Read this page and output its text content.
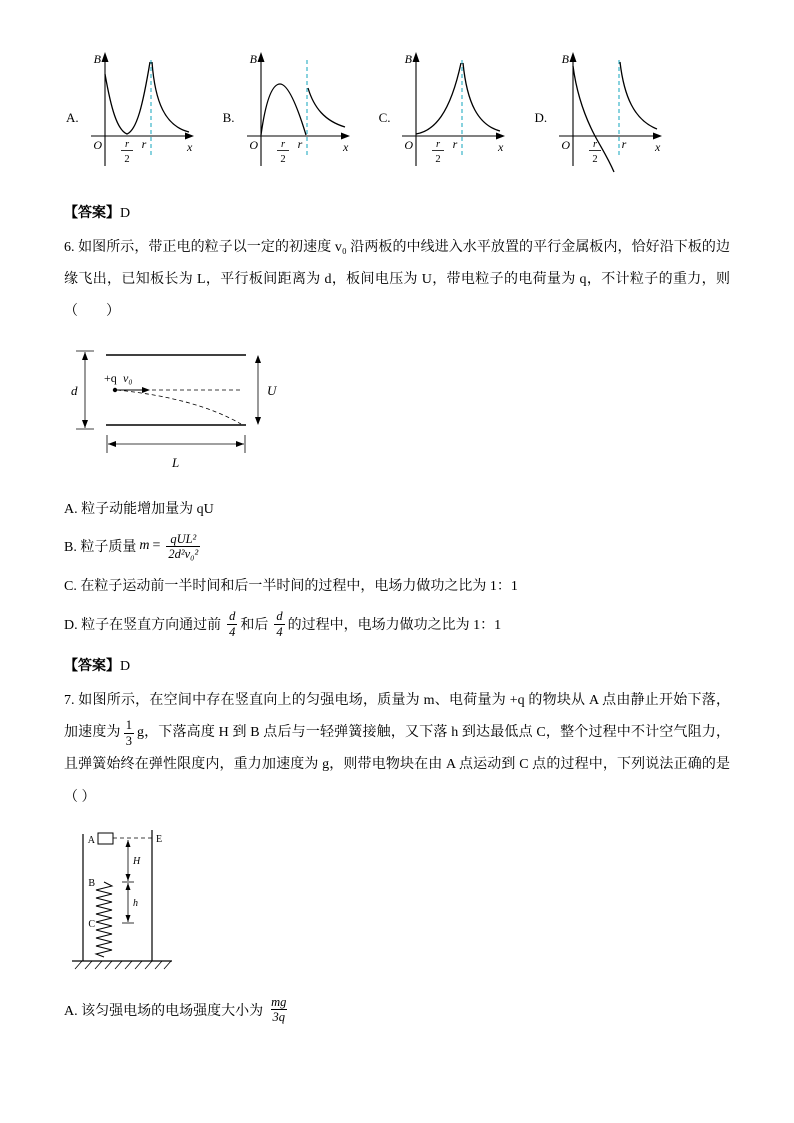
A.
B
O	x
r
2
r
B.
B
O	x
r
2
r
C.
B
O	x
r
2
r
D.
B
O	x
r
2
r
【答案】D

6. 如图所示，带正电的粒子以一定的初速度 v₀ 沿两板的中线进入水平放置的平行金属板内，恰好沿下板的边缘飞出，已知板长为 L，平行板间距离为 d，板间电压为 U，带电粒子的电荷量为 q，不计粒子的重力，则（　　）

d
+q v₀
U
L
A. 粒子动能增加量为 qU
B. 粒子质量 $m = \frac{\text{qUL²}}{\text{2d²v₀²}}$
C. 在粒子运动前一半时间和后一半时间的过程中，电场力做功之比为 1：1
D. 粒子在竖直方向通过前 $\frac{d}{4}$ 和后 $\frac{d}{4}$ 的过程中，电场力做功之比为 1：1
【答案】D

7. 如图所示，在空间中存在竖直向上的匀强电场，质量为 m、电荷量为 +q 的物块从 A 点由静止开始下落，加速度为 $\frac{1}{3}$ g，下落高度 H 到 B 点后与一轻弹簧接触，又下落 h 到达最低点 C，整个过程中不计空气阻力，且弹簧始终在弹性限度内，重力加速度为 g，则带电物块在由 A 点运动到 C 点的过程中，下列说法正确的是（ ）

A	E
H
h
B
C
A. 该匀强电场的电场强度大小为 $\frac{mg}{3q}$
